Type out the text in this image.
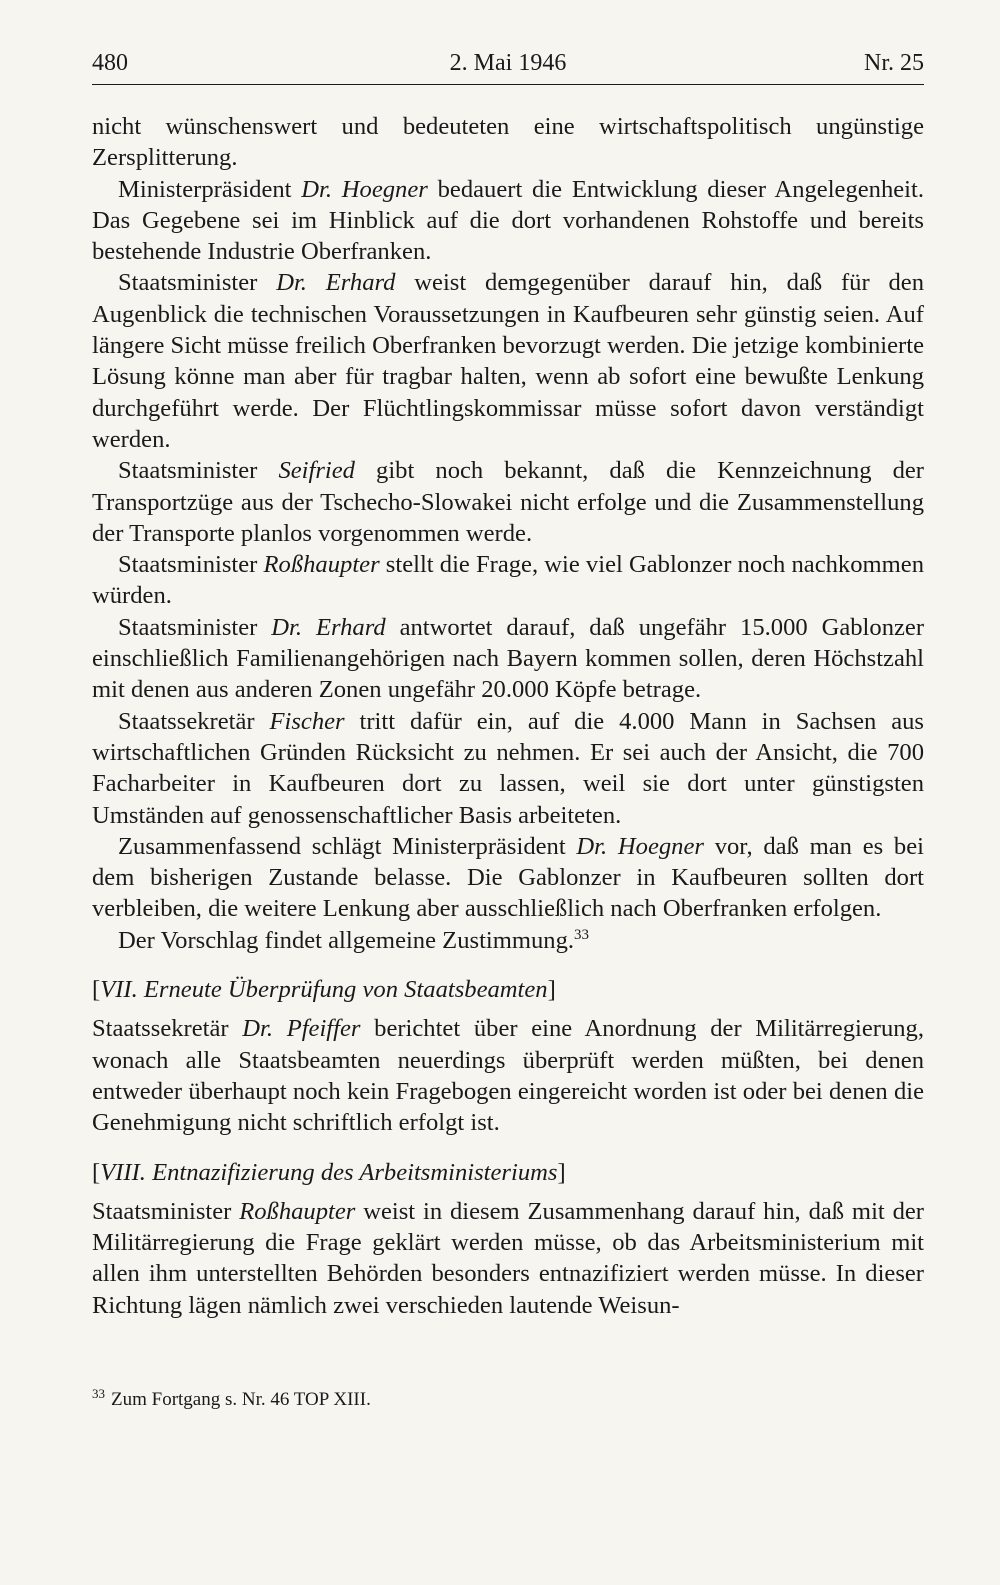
480	2. Mai 1946	Nr. 25

nicht wünschenswert und bedeuteten eine wirtschaftspolitisch ungünstige Zersplitterung.

Ministerpräsident Dr. Hoegner bedauert die Entwicklung dieser Angelegenheit. Das Gegebene sei im Hinblick auf die dort vorhandenen Rohstoffe und bereits bestehende Industrie Oberfranken.

Staatsminister Dr. Erhard weist demgegenüber darauf hin, daß für den Augenblick die technischen Voraussetzungen in Kaufbeuren sehr günstig seien. Auf längere Sicht müsse freilich Oberfranken bevorzugt werden. Die jetzige kombinierte Lösung könne man aber für tragbar halten, wenn ab sofort eine bewußte Lenkung durchgeführt werde. Der Flüchtlingskommissar müsse sofort davon verständigt werden.

Staatsminister Seifried gibt noch bekannt, daß die Kennzeichnung der Transportzüge aus der Tschecho-Slowakei nicht erfolge und die Zusammenstellung der Transporte planlos vorgenommen werde.

Staatsminister Roßhaupter stellt die Frage, wie viel Gablonzer noch nachkommen würden.

Staatsminister Dr. Erhard antwortet darauf, daß ungefähr 15.000 Gablonzer einschließlich Familienangehörigen nach Bayern kommen sollen, deren Höchstzahl mit denen aus anderen Zonen ungefähr 20.000 Köpfe betrage.

Staatssekretär Fischer tritt dafür ein, auf die 4.000 Mann in Sachsen aus wirtschaftlichen Gründen Rücksicht zu nehmen. Er sei auch der Ansicht, die 700 Facharbeiter in Kaufbeuren dort zu lassen, weil sie dort unter günstigsten Umständen auf genossenschaftlicher Basis arbeiteten.

Zusammenfassend schlägt Ministerpräsident Dr. Hoegner vor, daß man es bei dem bisherigen Zustande belasse. Die Gablonzer in Kaufbeuren sollten dort verbleiben, die weitere Lenkung aber ausschließlich nach Oberfranken erfolgen.

Der Vorschlag findet allgemeine Zustimmung.$^{33}$

[VII. Erneute Überprüfung von Staatsbeamten]

Staatssekretär Dr. Pfeiffer berichtet über eine Anordnung der Militärregierung, wonach alle Staatsbeamten neuerdings überprüft werden müßten, bei denen entweder überhaupt noch kein Fragebogen eingereicht worden ist oder bei denen die Genehmigung nicht schriftlich erfolgt ist.

[VIII. Entnazifizierung des Arbeitsministeriums]

Staatsminister Roßhaupter weist in diesem Zusammenhang darauf hin, daß mit der Militärregierung die Frage geklärt werden müsse, ob das Arbeitsministerium mit allen ihm unterstellten Behörden besonders entnazifiziert werden müsse. In dieser Richtung lägen nämlich zwei verschieden lautende Weisun-

$^{33}$ Zum Fortgang s. Nr. 46 TOP XIII.
